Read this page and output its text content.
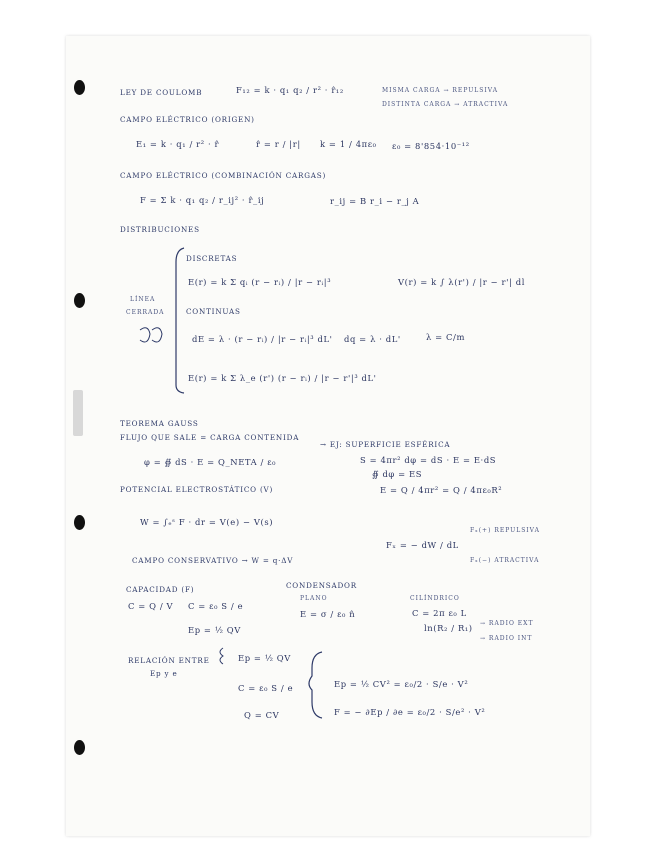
LEY DE COULOMB	F₁₂ = k · q₁ q₂ / r² · r̂₁₂	MISMA CARGA → REPULSIVA
DISTINTA CARGA → ATRACTIVA
CAMPO ELÉCTRICO (ORIGEN)
E₁ = k · q₁ / r² · r̂	r̂ = r / |r| k = 1 / 4πε₀ ε₀ = 8'854·10⁻¹²
CAMPO ELÉCTRICO (COMBINACIÓN CARGAS)
F = Σ k · q₁ q₂ / r_ij² · r̂_ij	r_ij = B r_i − r_j A
DISTRIBUCIONES
DISCRETAS
E(r) = k Σ qᵢ (r − rᵢ) / |r − rᵢ|³	V(r) = k ∫ λ(r') / |r − r'| dl
LÍNEA
CERRADA	CONTINUAS
dE = λ · (r − rᵢ) / |r − rᵢ|³ dL' dq = λ · dL'	λ = C/m
E(r) = k Σ λ_e (r') (r − rᵢ) / |r − r'|³ dL'
TEOREMA GAUSS
FLUJO QUE SALE = CARGA CONTENIDA
φ = ∯ dS · E = Q_NETA / ε₀
→ EJ: SUPERFICIE ESFÉRICA
S = 4πr² dφ = dS · E = E·dS
∯ dφ = ES
E = Q / 4πr² = Q / 4πε₀R²
POTENCIAL ELECTROSTÁTICO (V)
W = ∫ₑˢ F · dr = V(e) − V(s)
Fₓ = − dW / dL
Fₓ(+) REPULSIVA
Fₓ(−) ATRACTIVA
CAMPO CONSERVATIVO → W = q·ΔV
CAPACIDAD (F)
C = Q / V C = ε₀ S / e
Ep = ½ QV
CONDENSADOR
PLANO
E = σ / ε₀ n̂
CILÍNDRICO
C = 2π ε₀ L
ln(R₂ / R₁) → RADIO EXT
→ RADIO INT
RELACIÓN ENTRE
Ep y e
Ep = ½ QV
C = ε₀ S / e
Q = CV
Ep = ½ CV² = ε₀/2 · S/e · V²
F = − ∂Ep / ∂e = ε₀/2 · S/e² · V²
